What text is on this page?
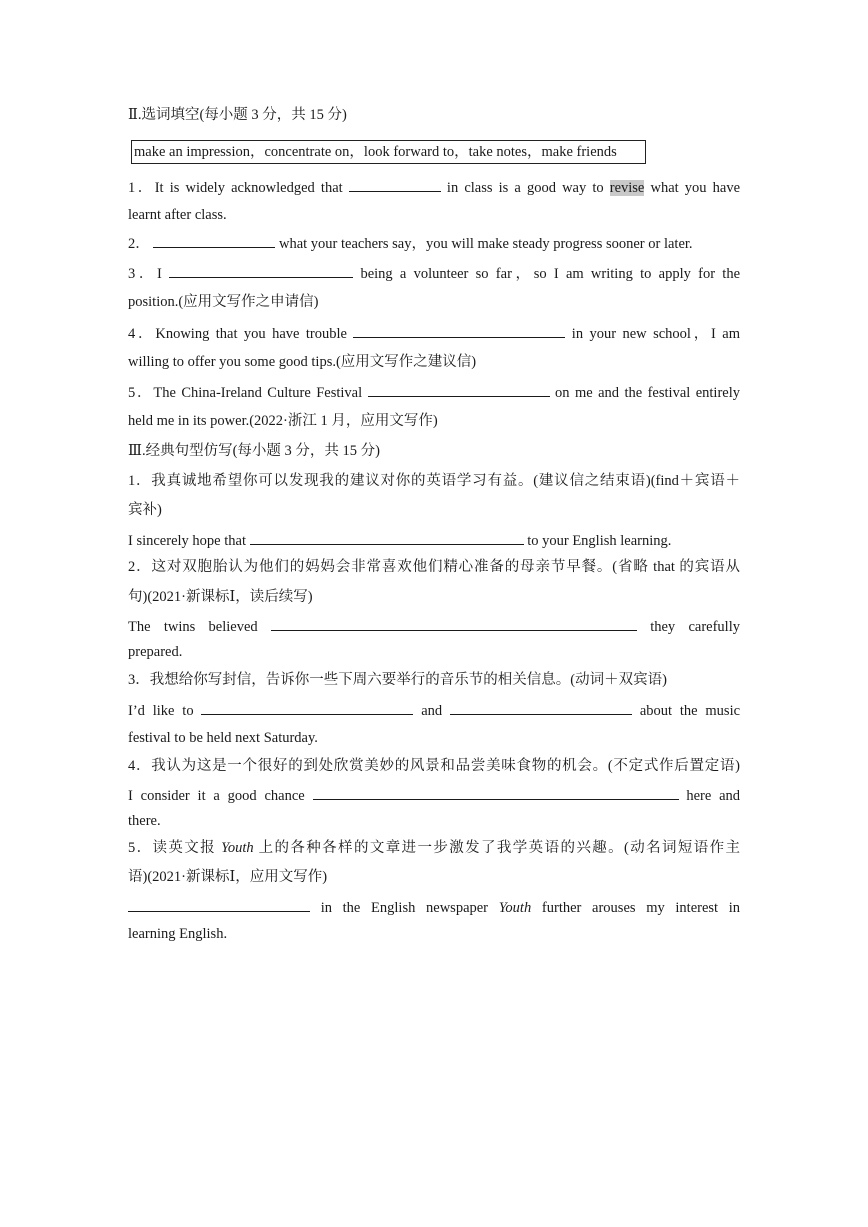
Ⅱ.选词填空(每小题 3 分，共 15 分)
make an impression，concentrate on，look forward to，take notes，make friends
1．It is widely acknowledged that	in class is a good way to revise what you have
learnt after class.
2．	what your teachers say，you will make steady progress sooner or later.
3．I	being a volunteer so far，so I am writing to apply for the
position.(应用文写作之申请信)
4．Knowing that you have trouble	in your new school，I am
willing to offer you some good tips.(应用文写作之建议信)
5．The China-Ireland Culture Festival	on me and the festival entirely
held me in its power.(2022·浙江 1 月，应用文写作)
Ⅲ.经典句型仿写(每小题 3 分，共 15 分)
1．我真诚地希望你可以发现我的建议对你的英语学习有益。(建议信之结束语)(find＋宾语＋
宾补)
I sincerely hope that	to your English learning.
2．这对双胞胎认为他们的妈妈会非常喜欢他们精心准备的母亲节早餐。(省略 that 的宾语从
句)(2021·新课标Ⅰ，读后续写)
The twins believed	they carefully
prepared.
3．我想给你写封信，告诉你一些下周六要举行的音乐节的相关信息。(动词＋双宾语)
I’d like to	and	about the music
festival to be held next Saturday.
4．我认为这是一个很好的到处欣赏美妙的风景和品尝美味食物的机会。(不定式作后置定语)
I consider it a good chance	here and
there.
5．读英文报 Youth 上的各种各样的文章进一步激发了我学英语的兴趣。(动名词短语作主
语)(2021·新课标Ⅰ，应用文写作)
in the English newspaper Youth further arouses my interest in
learning English.
